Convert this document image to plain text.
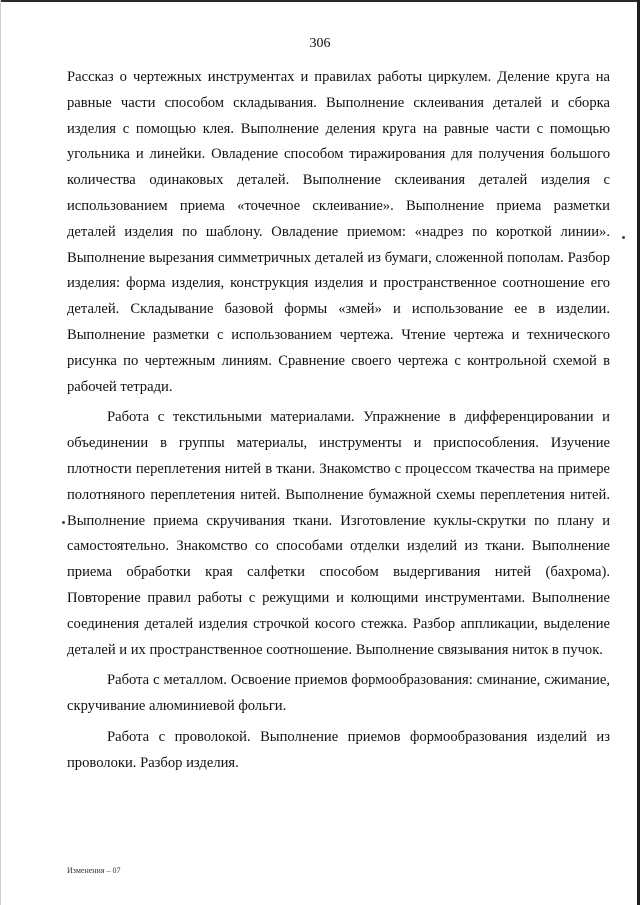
306

Рассказ о чертежных инструментах и правилах работы циркулем. Деление круга на равные части способом складывания. Выполнение склеивания деталей и сборка изделия с помощью клея. Выполнение деления круга на равные части с помощью угольника и линейки. Овладение способом тиражирования для получения большого количества одинаковых деталей. Выполнение склеивания деталей изделия с использованием приема «точечное склеивание». Выполнение приема разметки деталей изделия по шаблону. Овладение приемом: «надрез по короткой линии». Выполнение вырезания симметричных деталей из бумаги, сложенной пополам. Разбор изделия: форма изделия, конструкция изделия и пространственное соотношение его деталей. Складывание базовой формы «змей» и использование ее в изделии. Выполнение разметки с использованием чертежа. Чтение чертежа и технического рисунка по чертежным линиям. Сравнение своего чертежа с контрольной схемой в рабочей тетради.

Работа с текстильными материалами. Упражнение в дифференцировании и объединении в группы материалы, инструменты и приспособления. Изучение плотности переплетения нитей в ткани. Знакомство с процессом ткачества на примере полотняного переплетения нитей. Выполнение бумажной схемы переплетения нитей. Выполнение приема скручивания ткани. Изготовление куклы-скрутки по плану и самостоятельно. Знакомство со способами отделки изделий из ткани. Выполнение приема обработки края салфетки способом выдергивания нитей (бахрома). Повторение правил работы с режущими и колющими инструментами. Выполнение соединения деталей изделия строчкой косого стежка. Разбор аппликации, выделение деталей и их пространственное соотношение. Выполнение связывания ниток в пучок.

Работа с металлом. Освоение приемов формообразования: сминание, сжимание, скручивание алюминиевой фольги.

Работа с проволокой. Выполнение приемов формообразования изделий из проволоки. Разбор изделия.

Изменения – 07
